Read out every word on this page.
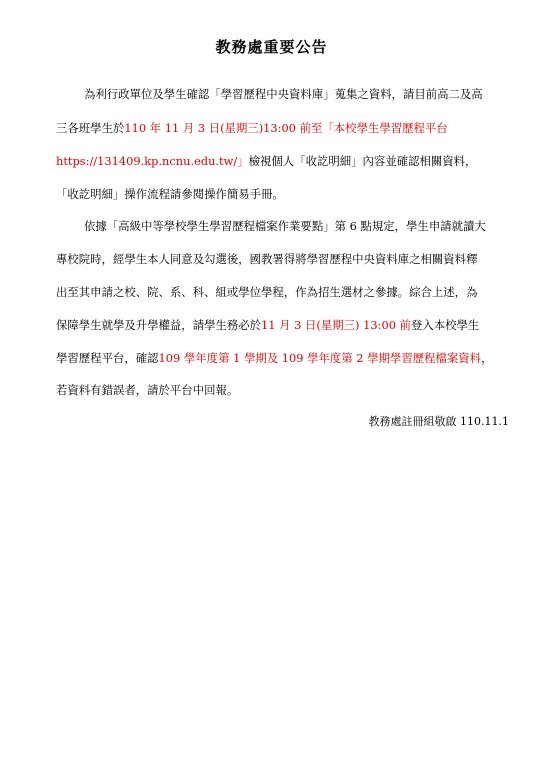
教務處重要公告
為利行政單位及學生確認「學習歷程中央資料庫」蒐集之資料，請目前高二及高
三各班學生於110 年 11 月 3 日(星期三)13:00 前至「本校學生學習歷程平台
https://131409.kp.ncnu.edu.tw/」檢視個人「收訖明細」內容並確認相關資料，
「收訖明細」操作流程請參閱操作簡易手冊。
依據「高級中等學校學生學習歷程檔案作業要點」第 6 點規定，學生申請就讀大
專校院時，經學生本人同意及勾選後，國教署得將學習歷程中央資料庫之相關資料釋
出至其申請之校、院、系、科、組或學位學程，作為招生選材之參據。綜合上述，為
保障學生就學及升學權益，請學生務必於11 月 3 日(星期三) 13:00 前登入本校學生
學習歷程平台，確認109 學年度第 1 學期及 109 學年度第 2 學期學習歷程檔案資料，
若資料有錯誤者，請於平台中回報。
教務處註冊組敬啟 110.11.1
